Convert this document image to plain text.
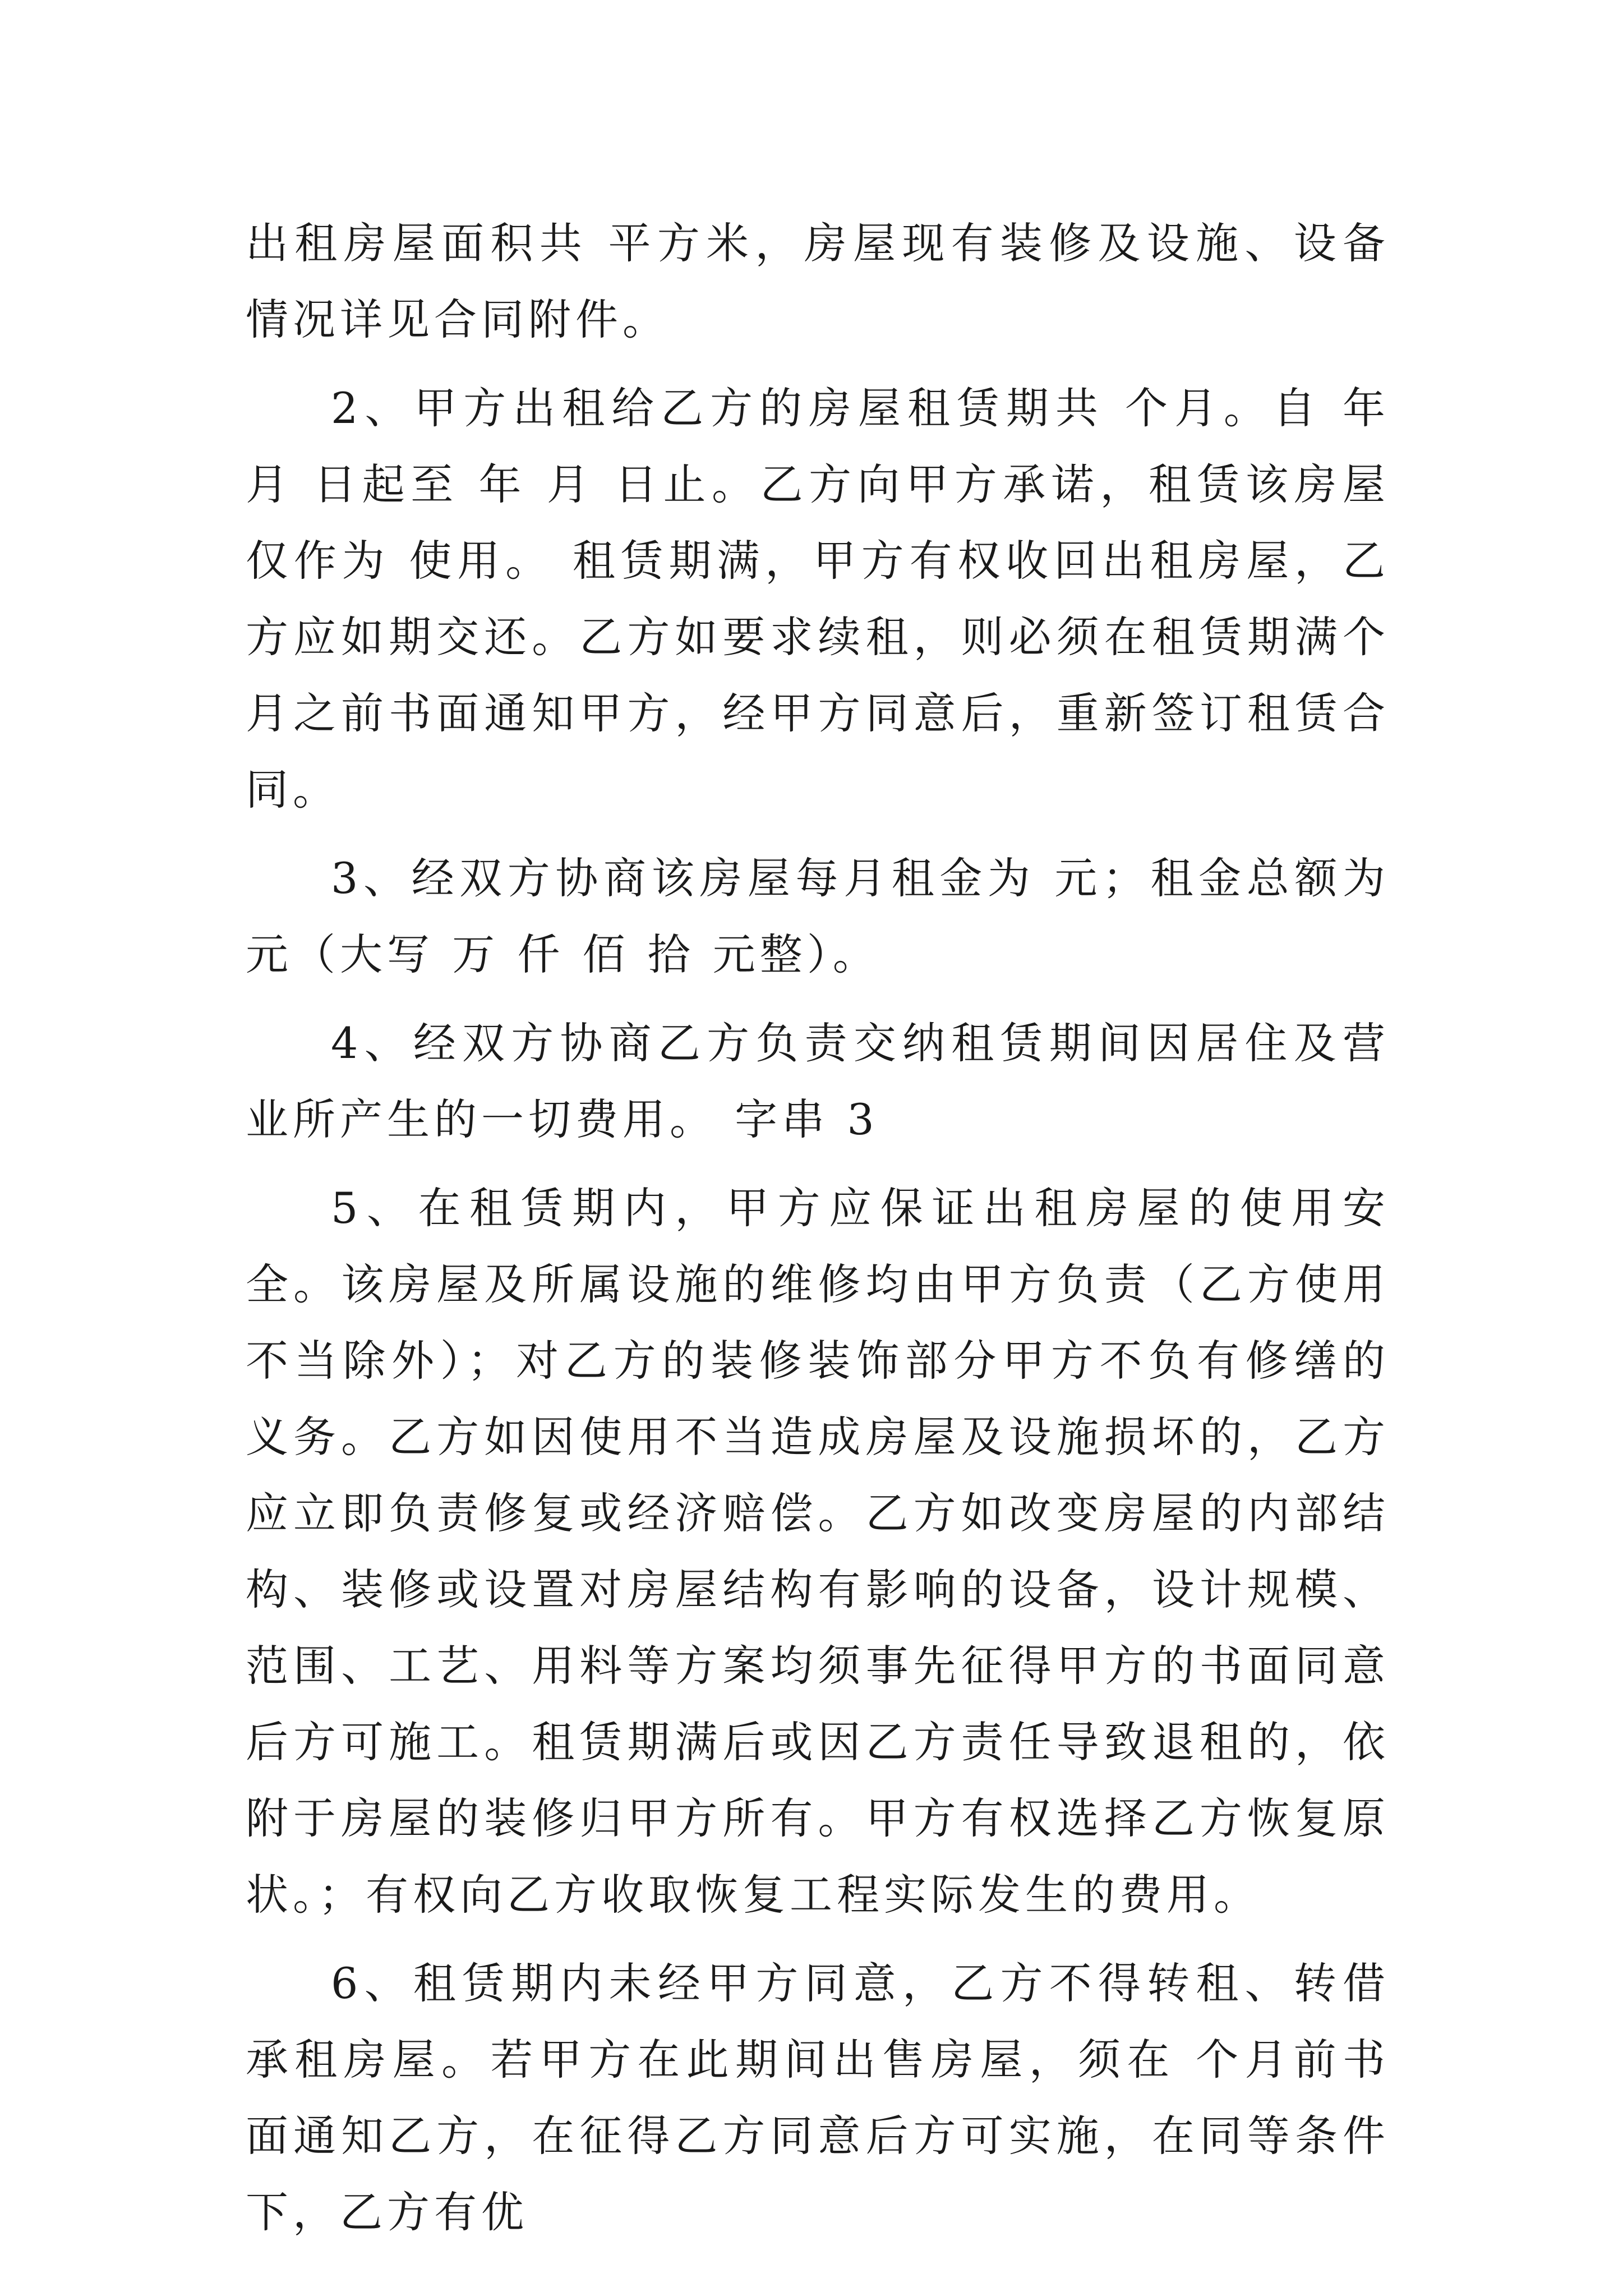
出租房屋面积共 平方米，房屋现有装修及设施、设备情况详见合同附件。

2、甲方出租给乙方的房屋租赁期共 个月。自 年 月 日起至 年 月 日止。乙方向甲方承诺，租赁该房屋仅作为 使用。 租赁期满，甲方有权收回出租房屋，乙方应如期交还。乙方如要求续租，则必须在租赁期满个月之前书面通知甲方，经甲方同意后，重新签订租赁合同。

3、经双方协商该房屋每月租金为 元；租金总额为 元（大写 万 仟 佰 拾 元整）。

4、经双方协商乙方负责交纳租赁期间因居住及营业所产生的一切费用。 字串 3

5、在租赁期内，甲方应保证出租房屋的使用安全。该房屋及所属设施的维修均由甲方负责（乙方使用不当除外）；对乙方的装修装饰部分甲方不负有修缮的义务。乙方如因使用不当造成房屋及设施损坏的，乙方应立即负责修复或经济赔偿。乙方如改变房屋的内部结构、装修或设置对房屋结构有影响的设备，设计规模、范围、工艺、用料等方案均须事先征得甲方的书面同意后方可施工。租赁期满后或因乙方责任导致退租的，依附于房屋的装修归甲方所有。甲方有权选择乙方恢复原状。；有权向乙方收取恢复工程实际发生的费用。

6、租赁期内未经甲方同意，乙方不得转租、转借承租房屋。若甲方在此期间出售房屋，须在 个月前书面通知乙方，在征得乙方同意后方可实施，在同等条件下，乙方有优
